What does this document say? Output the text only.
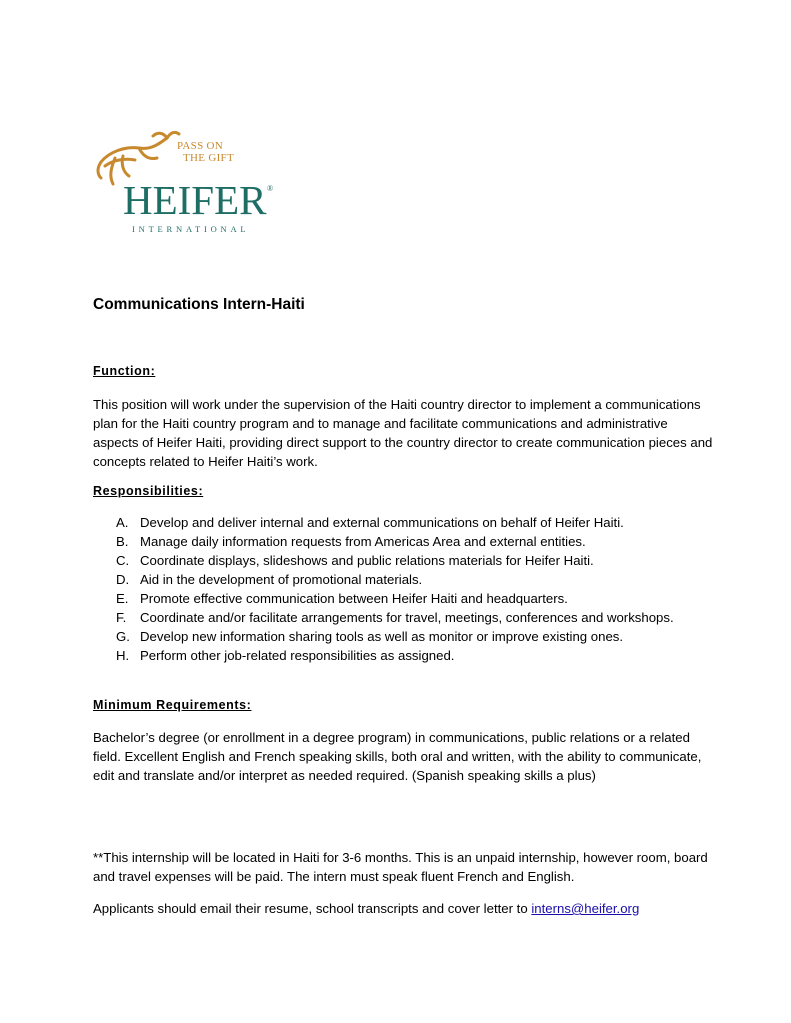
PASS ON
THE GIFT
HEIFER ®
INTERNATIONAL
Communications Intern-Haiti
Function:
This position will work under the supervision of the Haiti country director to implement a communications plan for the Haiti country program and to manage and facilitate communications and administrative aspects of Heifer Haiti, providing direct support to the country director to create communication pieces and concepts related to Heifer Haiti’s work.
Responsibilities:
A. Develop and deliver internal and external communications on behalf of Heifer Haiti.
B. Manage daily information requests from Americas Area and external entities.
C. Coordinate displays, slideshows and public relations materials for Heifer Haiti.
D. Aid in the development of promotional materials.
E. Promote effective communication between Heifer Haiti and headquarters.
F. Coordinate and/or facilitate arrangements for travel, meetings, conferences and workshops.
G. Develop new information sharing tools as well as monitor or improve existing ones.
H. Perform other job-related responsibilities as assigned.
Minimum Requirements:
Bachelor’s degree (or enrollment in a degree program) in communications, public relations or a related field. Excellent English and French speaking skills, both oral and written, with the ability to communicate, edit and translate and/or interpret as needed required. (Spanish speaking skills a plus)
**This internship will be located in Haiti for 3-6 months. This is an unpaid internship, however room, board and travel expenses will be paid. The intern must speak fluent French and English.
Applicants should email their resume, school transcripts and cover letter to interns@heifer.org
